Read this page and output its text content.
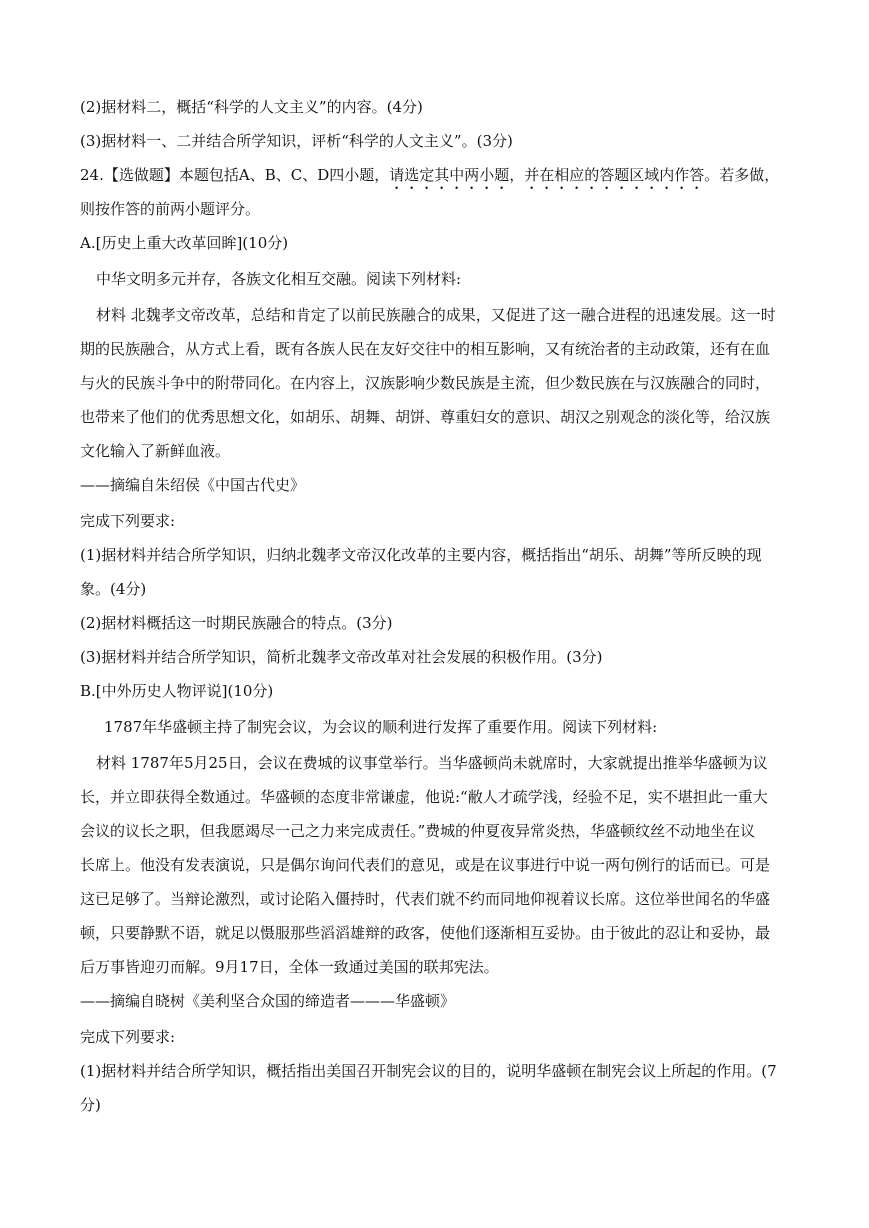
(2)据材料二，概括“科学的人文主义”的内容。(4分)
(3)据材料一、二并结合所学知识，评析“科学的人文主义”。(3分)
24.【选做题】本题包括A、B、C、D四小题，请选定其中两小题，并在相应的答题区域内作答。若多做，
则按作答的前两小题评分。
A.[历史上重大改革回眸](10分)
中华文明多元并存，各族文化相互交融。阅读下列材料:
材料 北魏孝文帝改革，总结和肯定了以前民族融合的成果，又促进了这一融合进程的迅速发展。这一时
期的民族融合，从方式上看，既有各族人民在友好交往中的相互影响，又有统治者的主动政策，还有在血
与火的民族斗争中的附带同化。在内容上，汉族影响少数民族是主流，但少数民族在与汉族融合的同时，
也带来了他们的优秀思想文化，如胡乐、胡舞、胡饼、尊重妇女的意识、胡汉之别观念的淡化等，给汉族
文化输入了新鲜血液。
——摘编自朱绍侯《中国古代史》
完成下列要求:
(1)据材料并结合所学知识，归纳北魏孝文帝汉化改革的主要内容，概括指出“胡乐、胡舞”等所反映的现
象。(4分)
(2)据材料概括这一时期民族融合的特点。(3分)
(3)据材料并结合所学知识，简析北魏孝文帝改革对社会发展的积极作用。(3分)
B.[中外历史人物评说](10分)
1787年华盛顿主持了制宪会议，为会议的顺利进行发挥了重要作用。阅读下列材料:
材料 1787年5月25日，会议在费城的议事堂举行。当华盛顿尚未就席时，大家就提出推举华盛顿为议
长，并立即获得全数通过。华盛顿的态度非常谦虚，他说:“敝人才疏学浅，经验不足，实不堪担此一重大
会议的议长之职，但我愿竭尽一己之力来完成责任。”费城的仲夏夜异常炎热，华盛顿纹丝不动地坐在议
长席上。他没有发表演说，只是偶尔询问代表们的意见，或是在议事进行中说一两句例行的话而已。可是
这已足够了。当辩论激烈，或讨论陷入僵持时，代表们就不约而同地仰视着议长席。这位举世闻名的华盛
顿，只要静默不语，就足以慑服那些滔滔雄辩的政客，使他们逐渐相互妥协。由于彼此的忍让和妥协，最
后万事皆迎刃而解。9月17日，全体一致通过美国的联邦宪法。
——摘编自晓树《美利坚合众国的缔造者———华盛顿》
完成下列要求:
(1)据材料并结合所学知识，概括指出美国召开制宪会议的目的，说明华盛顿在制宪会议上所起的作用。(7
分)
